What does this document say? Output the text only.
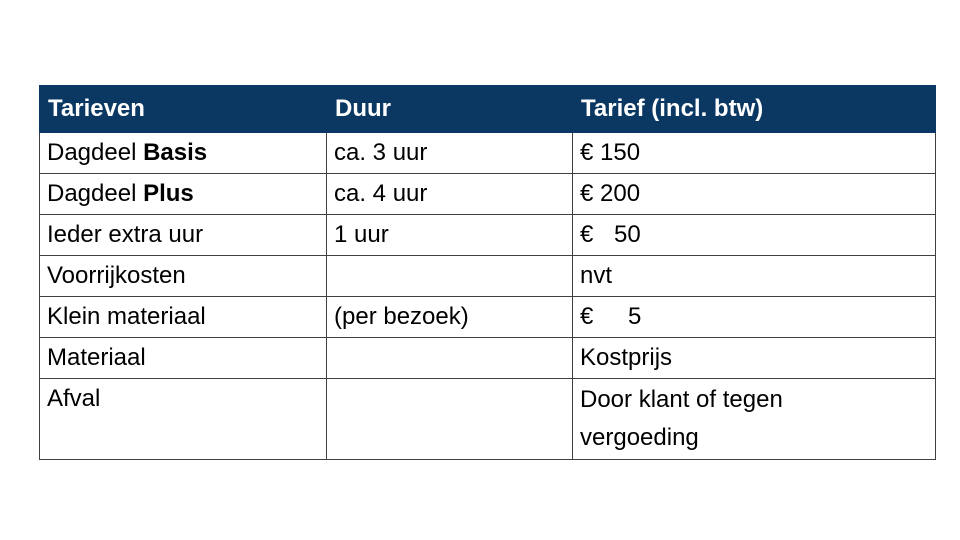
Tarieven	Duur	Tarief (incl. btw)
Dagdeel Basis	ca. 3 uur	€ 150
Dagdeel Plus	ca. 4 uur	€ 200
Ieder extra uur	1 uur	€ 50
Voorrijkosten		nvt
Klein materiaal	(per bezoek)	€ 5
Materiaal		Kostprijs
Afval		Door klant of tegen
vergoeding
